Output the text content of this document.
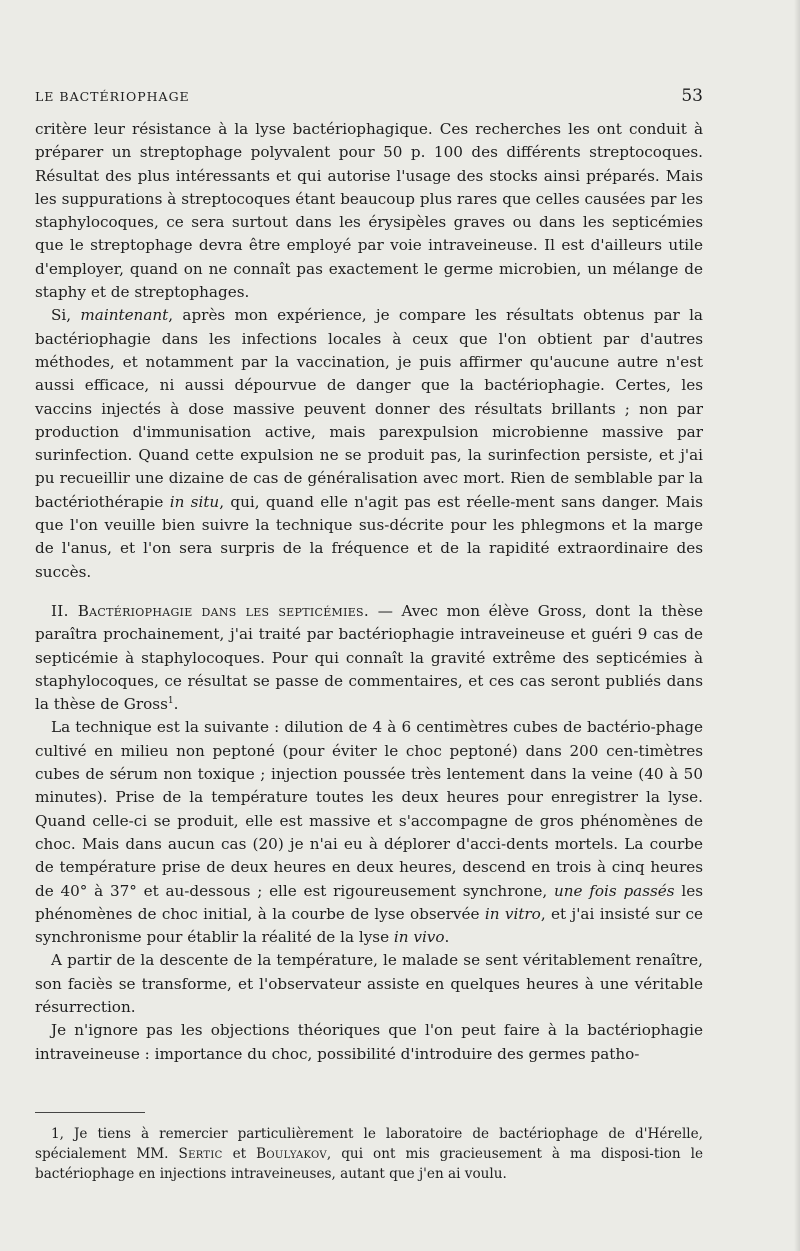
LE BACTÉRIOPHAGE	53

critère leur résistance à la lyse bactériophagique. Ces recherches les ont conduit à préparer un streptophage polyvalent pour 50 p. 100 des différents streptocoques. Résultat des plus intéressants et qui autorise l'usage des stocks ainsi préparés. Mais les suppurations à streptocoques étant beaucoup plus rares que celles causées par les staphylocoques, ce sera surtout dans les érysipèles graves ou dans les septicémies que le streptophage devra être employé par voie intraveineuse. Il est d'ailleurs utile d'employer, quand on ne connaît pas exactement le germe microbien, un mélange de staphy et de streptophages.

Si, maintenant, après mon expérience, je compare les résultats obtenus par la bactériophagie dans les infections locales à ceux que l'on obtient par d'autres méthodes, et notamment par la vaccination, je puis affirmer qu'aucune autre n'est aussi efficace, ni aussi dépourvue de danger que la bactériophagie. Certes, les vaccins injectés à dose massive peuvent donner des résultats brillants ; non par production d'immunisation active, mais parexpulsion microbienne massive par surinfection. Quand cette expulsion ne se produit pas, la surinfection persiste, et j'ai pu recueillir une dizaine de cas de généralisation avec mort. Rien de semblable par la bactériothérapie in situ, qui, quand elle n'agit pas est réelle-ment sans danger. Mais que l'on veuille bien suivre la technique sus-décrite pour les phlegmons et la marge de l'anus, et l'on sera surpris de la fréquence et de la rapidité extraordinaire des succès.

II. Bactériophagie dans les septicémies. — Avec mon élève Gross, dont la thèse paraîtra prochainement, j'ai traité par bactériophagie intraveineuse et guéri 9 cas de septicémie à staphylocoques. Pour qui connaît la gravité extrême des septicémies à staphylocoques, ce résultat se passe de commentaires, et ces cas seront publiés dans la thèse de Gross$^1$.

La technique est la suivante : dilution de 4 à 6 centimètres cubes de bactério-phage cultivé en milieu non peptoné (pour éviter le choc peptoné) dans 200 cen-timètres cubes de sérum non toxique ; injection poussée très lentement dans la veine (40 à 50 minutes). Prise de la température toutes les deux heures pour enregistrer la lyse. Quand celle-ci se produit, elle est massive et s'accompagne de gros phénomènes de choc. Mais dans aucun cas (20) je n'ai eu à déplorer d'acci-dents mortels. La courbe de température prise de deux heures en deux heures, descend en trois à cinq heures de 40° à 37° et au-dessous ; elle est rigoureusement synchrone, une fois passés les phénomènes de choc initial, à la courbe de lyse observée in vitro, et j'ai insisté sur ce synchronisme pour établir la réalité de la lyse in vivo.

A partir de la descente de la température, le malade se sent véritablement renaître, son faciès se transforme, et l'observateur assiste en quelques heures à une véritable résurrection.

Je n'ignore pas les objections théoriques que l'on peut faire à la bactériophagie intraveineuse : importance du choc, possibilité d'introduire des germes patho-

1, Je tiens à remercier particulièrement le laboratoire de bactériophage de d'Hérelle, spécialement MM. Sertic et Boulyakov, qui ont mis gracieusement à ma disposi-tion le bactériophage en injections intraveineuses, autant que j'en ai voulu.
